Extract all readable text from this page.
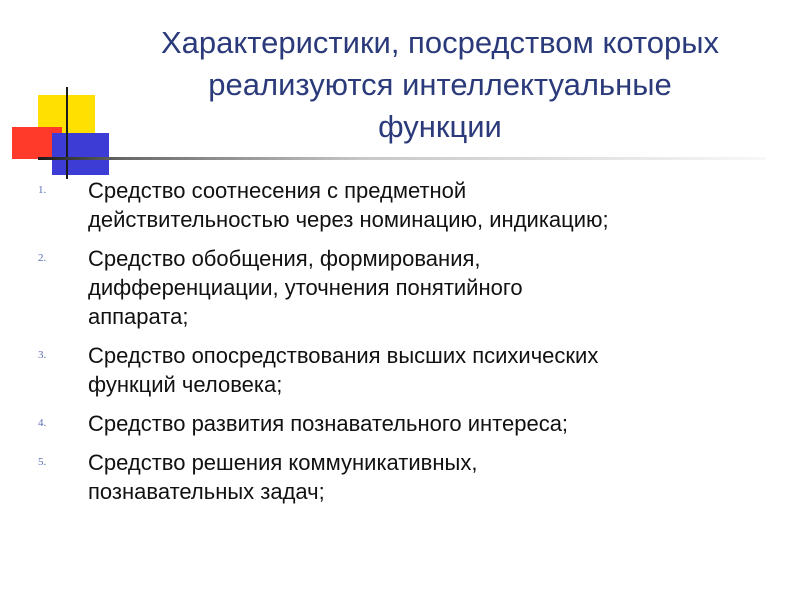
Характеристики, посредством которых
реализуются интеллектуальные
функции
1. Средство соотнесения с предметной
действительностью через номинацию, индикацию;
2. Средство обобщения, формирования,
дифференциации, уточнения понятийного
аппарата;
3. Средство опосредствования высших психических
функций человека;
4. Средство развития познавательного интереса;
5. Средство решения коммуникативных,
познавательных задач;
